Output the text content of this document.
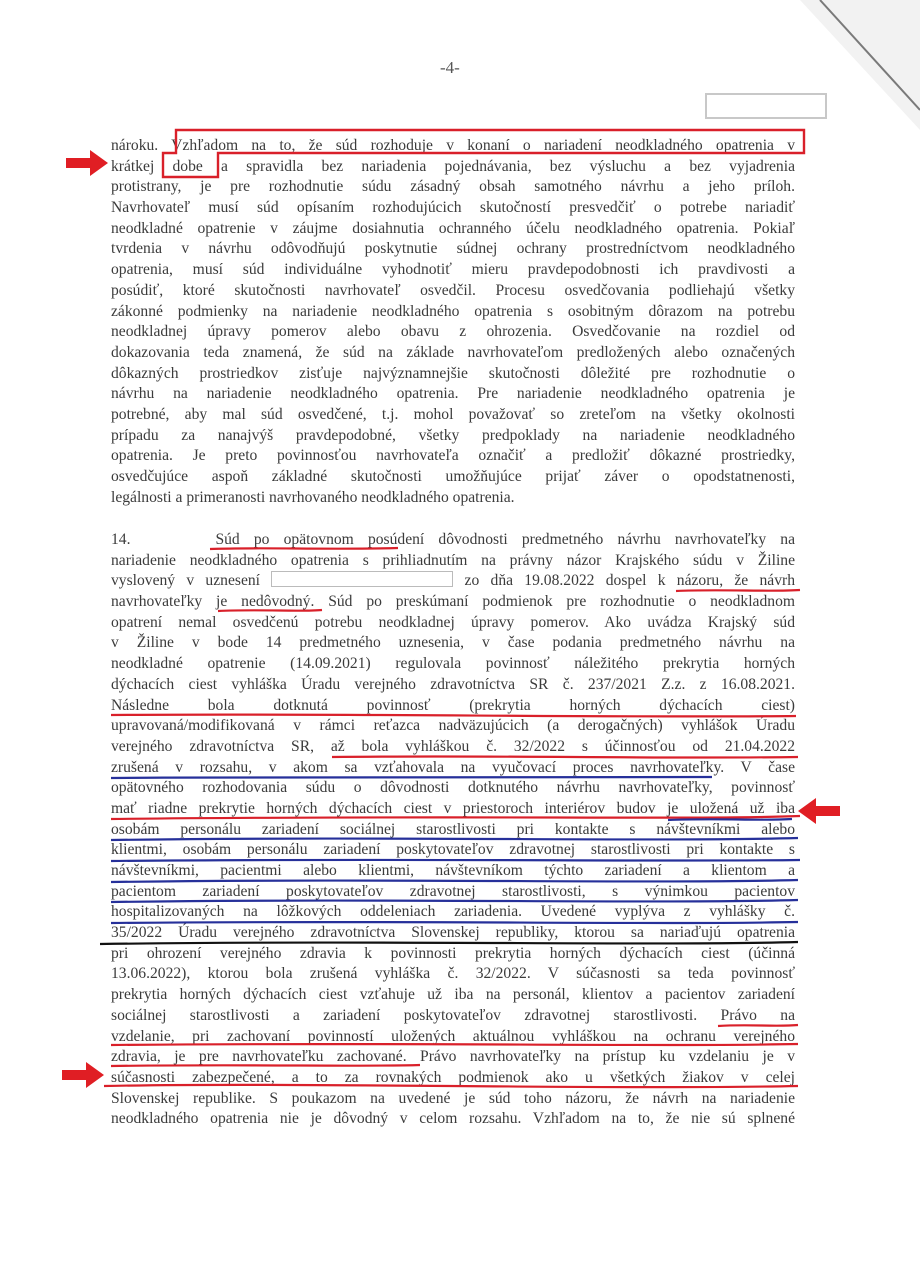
-4-
nároku. Vzhľadom na to, že súd rozhoduje v konaní o nariadení neodkladného opatrenia v
krátkej dobe a spravidla bez nariadenia pojednávania, bez výsluchu a bez vyjadrenia
protistrany, je pre rozhodnutie súdu zásadný obsah samotného návrhu a jeho príloh.
Navrhovateľ musí súd opísaním rozhodujúcich skutočností presvedčiť o potrebe nariadiť
neodkladné opatrenie v záujme dosiahnutia ochranného účelu neodkladného opatrenia. Pokiaľ
tvrdenia v návrhu odôvodňujú poskytnutie súdnej ochrany prostredníctvom neodkladného
opatrenia, musí súd individuálne vyhodnotiť mieru pravdepodobnosti ich pravdivosti a
posúdiť, ktoré skutočnosti navrhovateľ osvedčil. Procesu osvedčovania podliehajú všetky
zákonné podmienky na nariadenie neodkladného opatrenia s osobitným dôrazom na potrebu
neodkladnej úpravy pomerov alebo obavu z ohrozenia. Osvedčovanie na rozdiel od
dokazovania teda znamená, že súd na základe navrhovateľom predložených alebo označených
dôkazných prostriedkov zisťuje najvýznamnejšie skutočnosti dôležité pre rozhodnutie o
návrhu na nariadenie neodkladného opatrenia. Pre nariadenie neodkladného opatrenia je
potrebné, aby mal súd osvedčené, t.j. mohol považovať so zreteľom na všetky okolnosti
prípadu za nanajvýš pravdepodobné, všetky predpoklady na nariadenie neodkladného
opatrenia. Je preto povinnosťou navrhovateľa označiť a predložiť dôkazné prostriedky,
osvedčujúce aspoň základné skutočnosti umožňujúce prijať záver o opodstatnenosti,
legálnosti a primeranosti navrhovaného neodkladného opatrenia.
14.      Súd po opätovnom posúdení dôvodnosti predmetného návrhu navrhovateľky na
nariadenie neodkladného opatrenia s prihliadnutím na právny názor Krajského súdu v Žiline
vyslovený v uznesení	zo dňa 19.08.2022 dospel k názoru, že návrh
navrhovateľky je nedôvodný. Súd po preskúmaní podmienok pre rozhodnutie o neodkladnom
opatrení nemal osvedčenú potrebu neodkladnej úpravy pomerov. Ako uvádza Krajský súd
v Žiline v bode 14 predmetného uznesenia, v čase podania predmetného návrhu na
neodkladné opatrenie (14.09.2021) regulovala povinnosť náležitého prekrytia horných
dýchacích ciest vyhláška Úradu verejného zdravotníctva SR č. 237/2021 Z.z. z 16.08.2021.
Následne bola dotknutá povinnosť (prekrytia horných dýchacích ciest)
upravovaná/modifikovaná v rámci reťazca nadväzujúcich (a derogačných) vyhlášok Úradu
verejného zdravotníctva SR, až bola vyhláškou č. 32/2022 s účinnosťou od 21.04.2022
zrušená v rozsahu, v akom sa vzťahovala na vyučovací proces navrhovateľky. V čase
opätovného rozhodovania súdu o dôvodnosti dotknutého návrhu navrhovateľky, povinnosť
mať riadne prekrytie horných dýchacích ciest v priestoroch interiérov budov je uložená už iba
osobám personálu zariadení sociálnej starostlivosti pri kontakte s návštevníkmi alebo
klientmi, osobám personálu zariadení poskytovateľov zdravotnej starostlivosti pri kontakte s
návštevníkmi, pacientmi alebo klientmi, návštevníkom týchto zariadení a klientom a
pacientom zariadení poskytovateľov zdravotnej starostlivosti, s výnimkou pacientov
hospitalizovaných na lôžkových oddeleniach zariadenia. Uvedené vyplýva z vyhlášky č.
35/2022 Úradu verejného zdravotníctva Slovenskej republiky, ktorou sa nariaďujú opatrenia
pri ohrození verejného zdravia k povinnosti prekrytia horných dýchacích ciest (účinná
13.06.2022), ktorou bola zrušená vyhláška č. 32/2022. V súčasnosti sa teda povinnosť
prekrytia horných dýchacích ciest vzťahuje už iba na personál, klientov a pacientov zariadení
sociálnej starostlivosti a zariadení poskytovateľov zdravotnej starostlivosti. Právo na
vzdelanie, pri zachovaní povinností uložených aktuálnou vyhláškou na ochranu verejného
zdravia, je pre navrhovateľku zachované. Právo navrhovateľky na prístup ku vzdelaniu je v
súčasnosti zabezpečené, a to za rovnakých podmienok ako u všetkých žiakov v celej
Slovenskej republike. S poukazom na uvedené je súd toho názoru, že návrh na nariadenie
neodkladného opatrenia nie je dôvodný v celom rozsahu. Vzhľadom na to, že nie sú splnené
